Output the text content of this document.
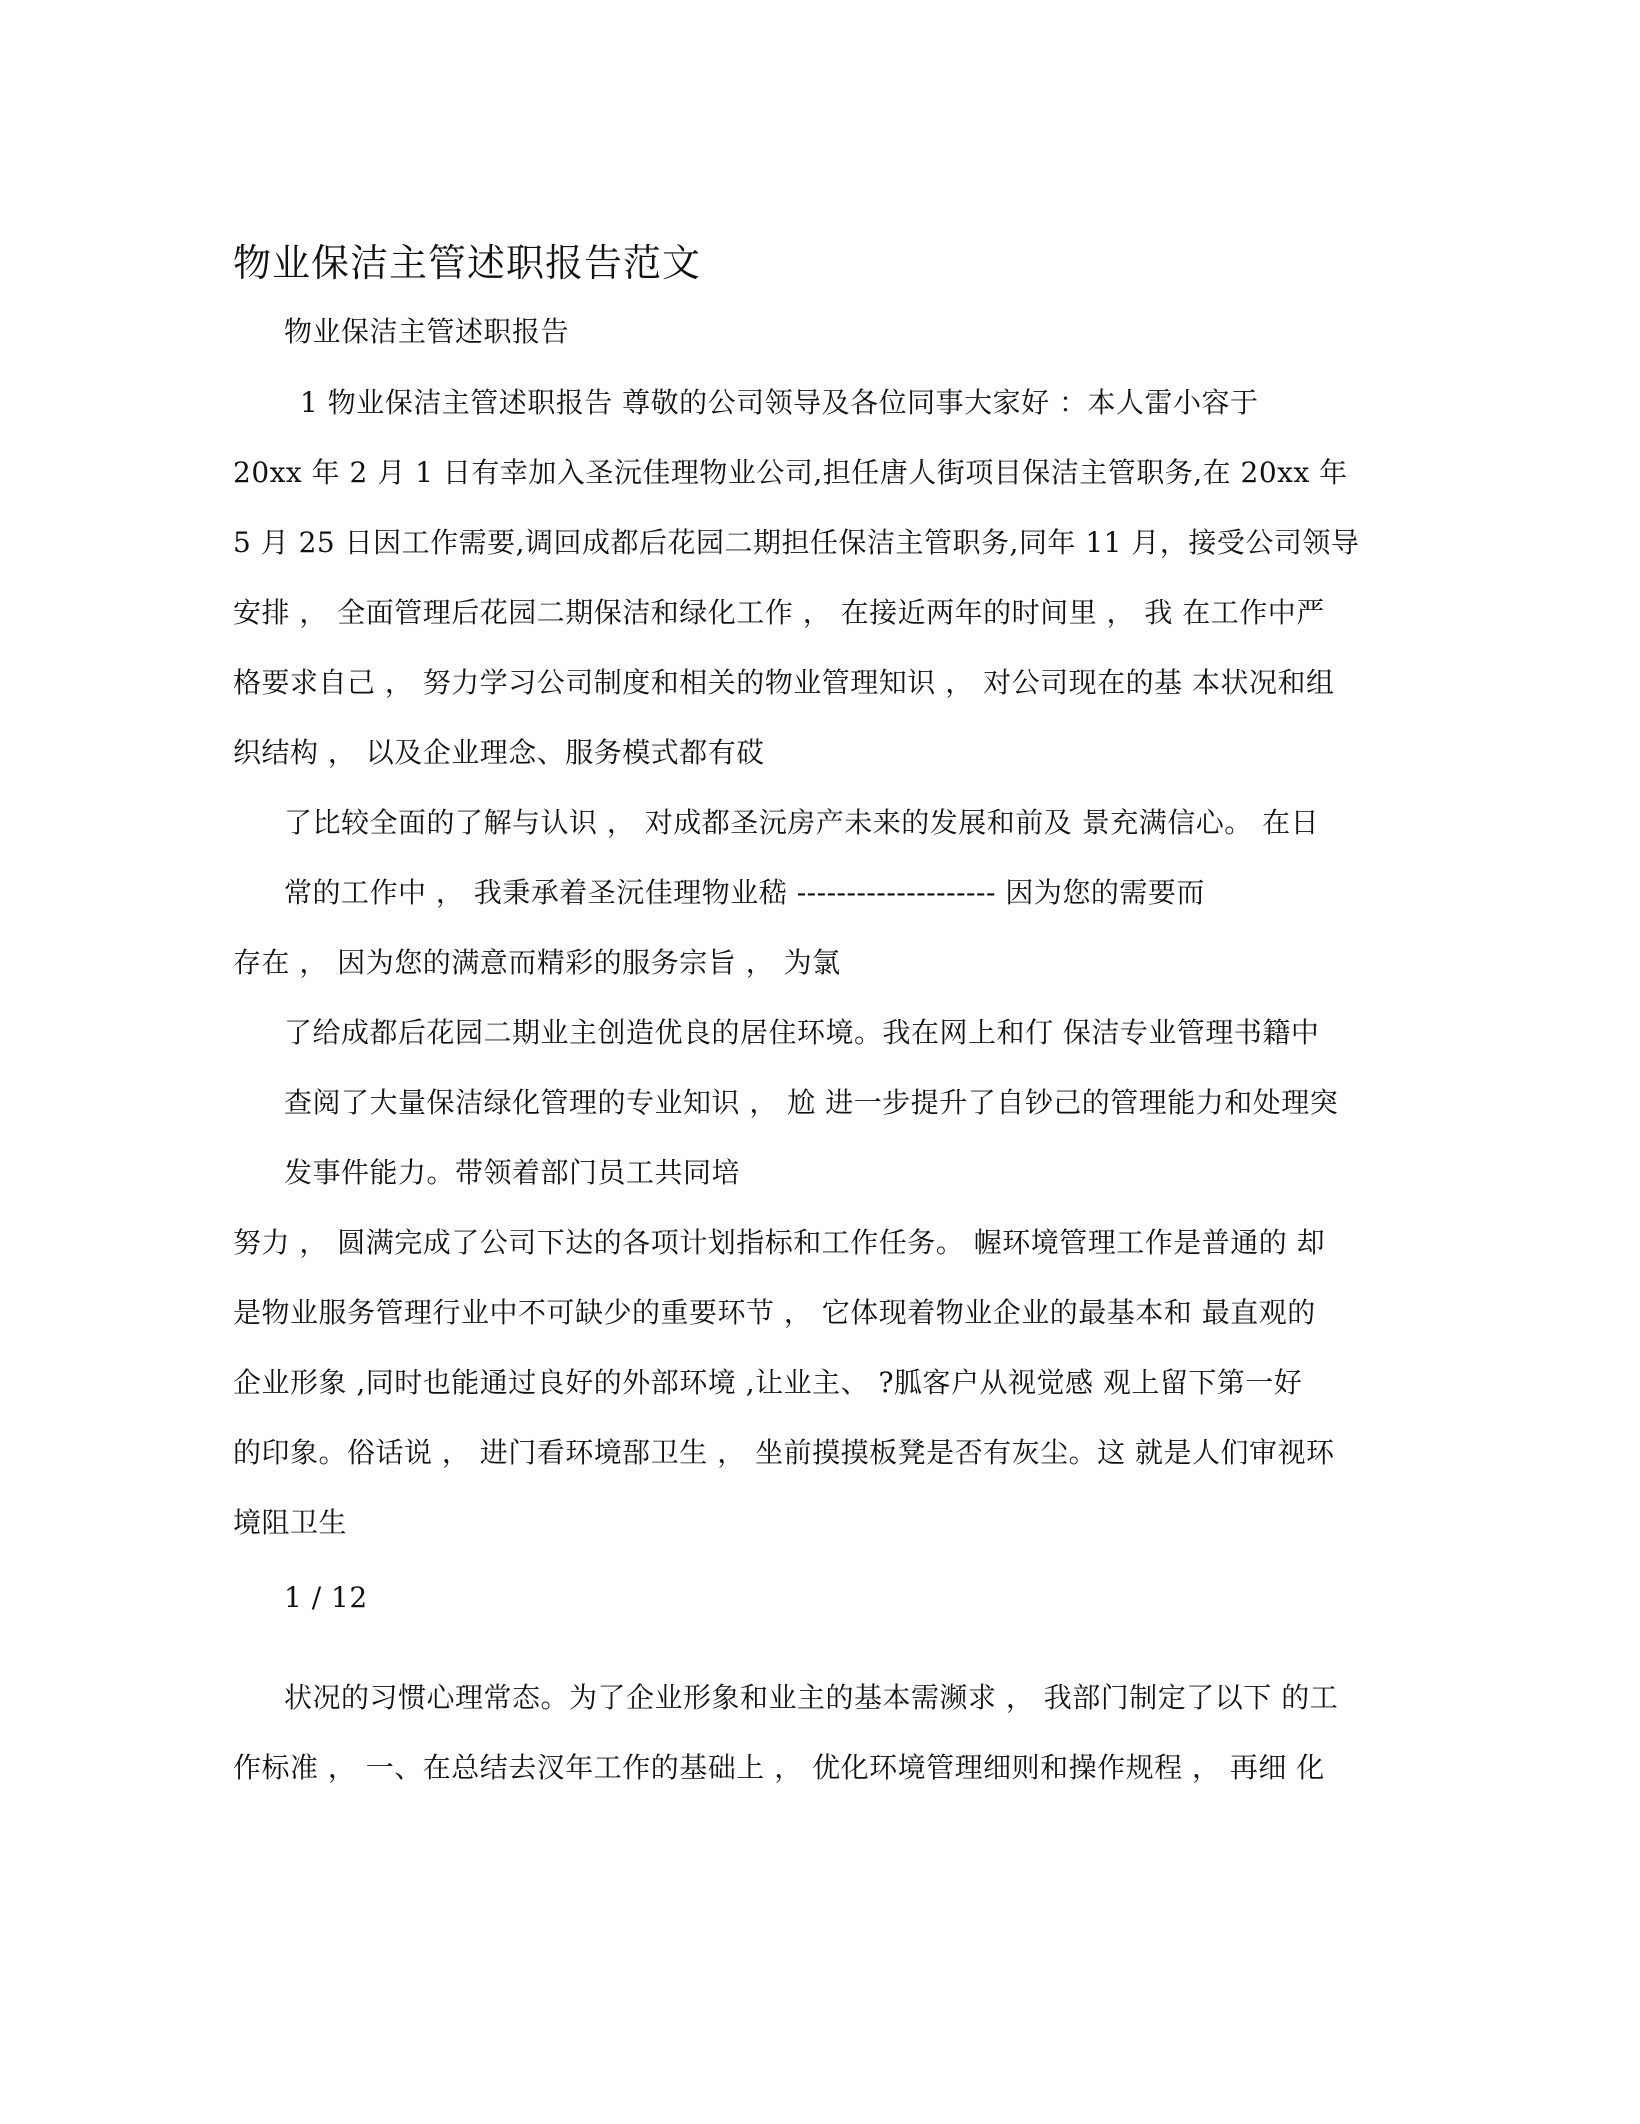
物业保洁主管述职报告范文
物业保洁主管述职报告
1 物业保洁主管述职报告 尊敬的公司领导及各位同事大家好 ：本人雷小容于
20xx 年 2 月 1 日有幸加入圣沅佳理物业公司,担任唐人街项目保洁主管职务,在 20xx 年
5 月 25 日因工作需要,调回成都后花园二期担任保洁主管职务,同年 11 月，接受公司领导
安排 ， 全面管理后花园二期保洁和绿化工作 ， 在接近两年的时间里 ， 我 在工作中严
格要求自己 ， 努力学习公司制度和相关的物业管理知识 ， 对公司现在的基 本状况和组
织结构 ， 以及企业理念、服务模式都有砹
了比较全面的了解与认识 ， 对成都圣沅房产未来的发展和前及 景充满信心。 在日
常的工作中 ， 我秉承着圣沅佳理物业嵇 -------------------- 因为您的需要而
存在 ， 因为您的满意而精彩的服务宗旨 ， 为氯
了给成都后花园二期业主创造优良的居住环境。我在网上和仃 保洁专业管理书籍中
查阅了大量保洁绿化管理的专业知识 ， 尬 进一步提升了自钞己的管理能力和处理突
发事件能力。带领着部门员工共同培
努力 ， 圆满完成了公司下达的各项计划指标和工作任务。 幄环境管理工作是普通的 却
是物业服务管理行业中不可缺少的重要环节 ， 它体现着物业企业的最基本和 最直观的
企业形象 ,同时也能通过良好的外部环境 ,让业主、 ?胍客户从视觉感 观上留下第一好
的印象。俗话说 ， 进门看环境郚卫生 ， 坐前摸摸板凳是否有灰尘。这 就是人们审视环
境阻卫生
1 / 12
状况的习惯心理常态。为了企业形象和业主的基本需濒求 ， 我部门制定了以下 的工
作标准 ， 一、在总结去汊年工作的基础上 ， 优化环境管理细则和操作规程 ， 再细 化
